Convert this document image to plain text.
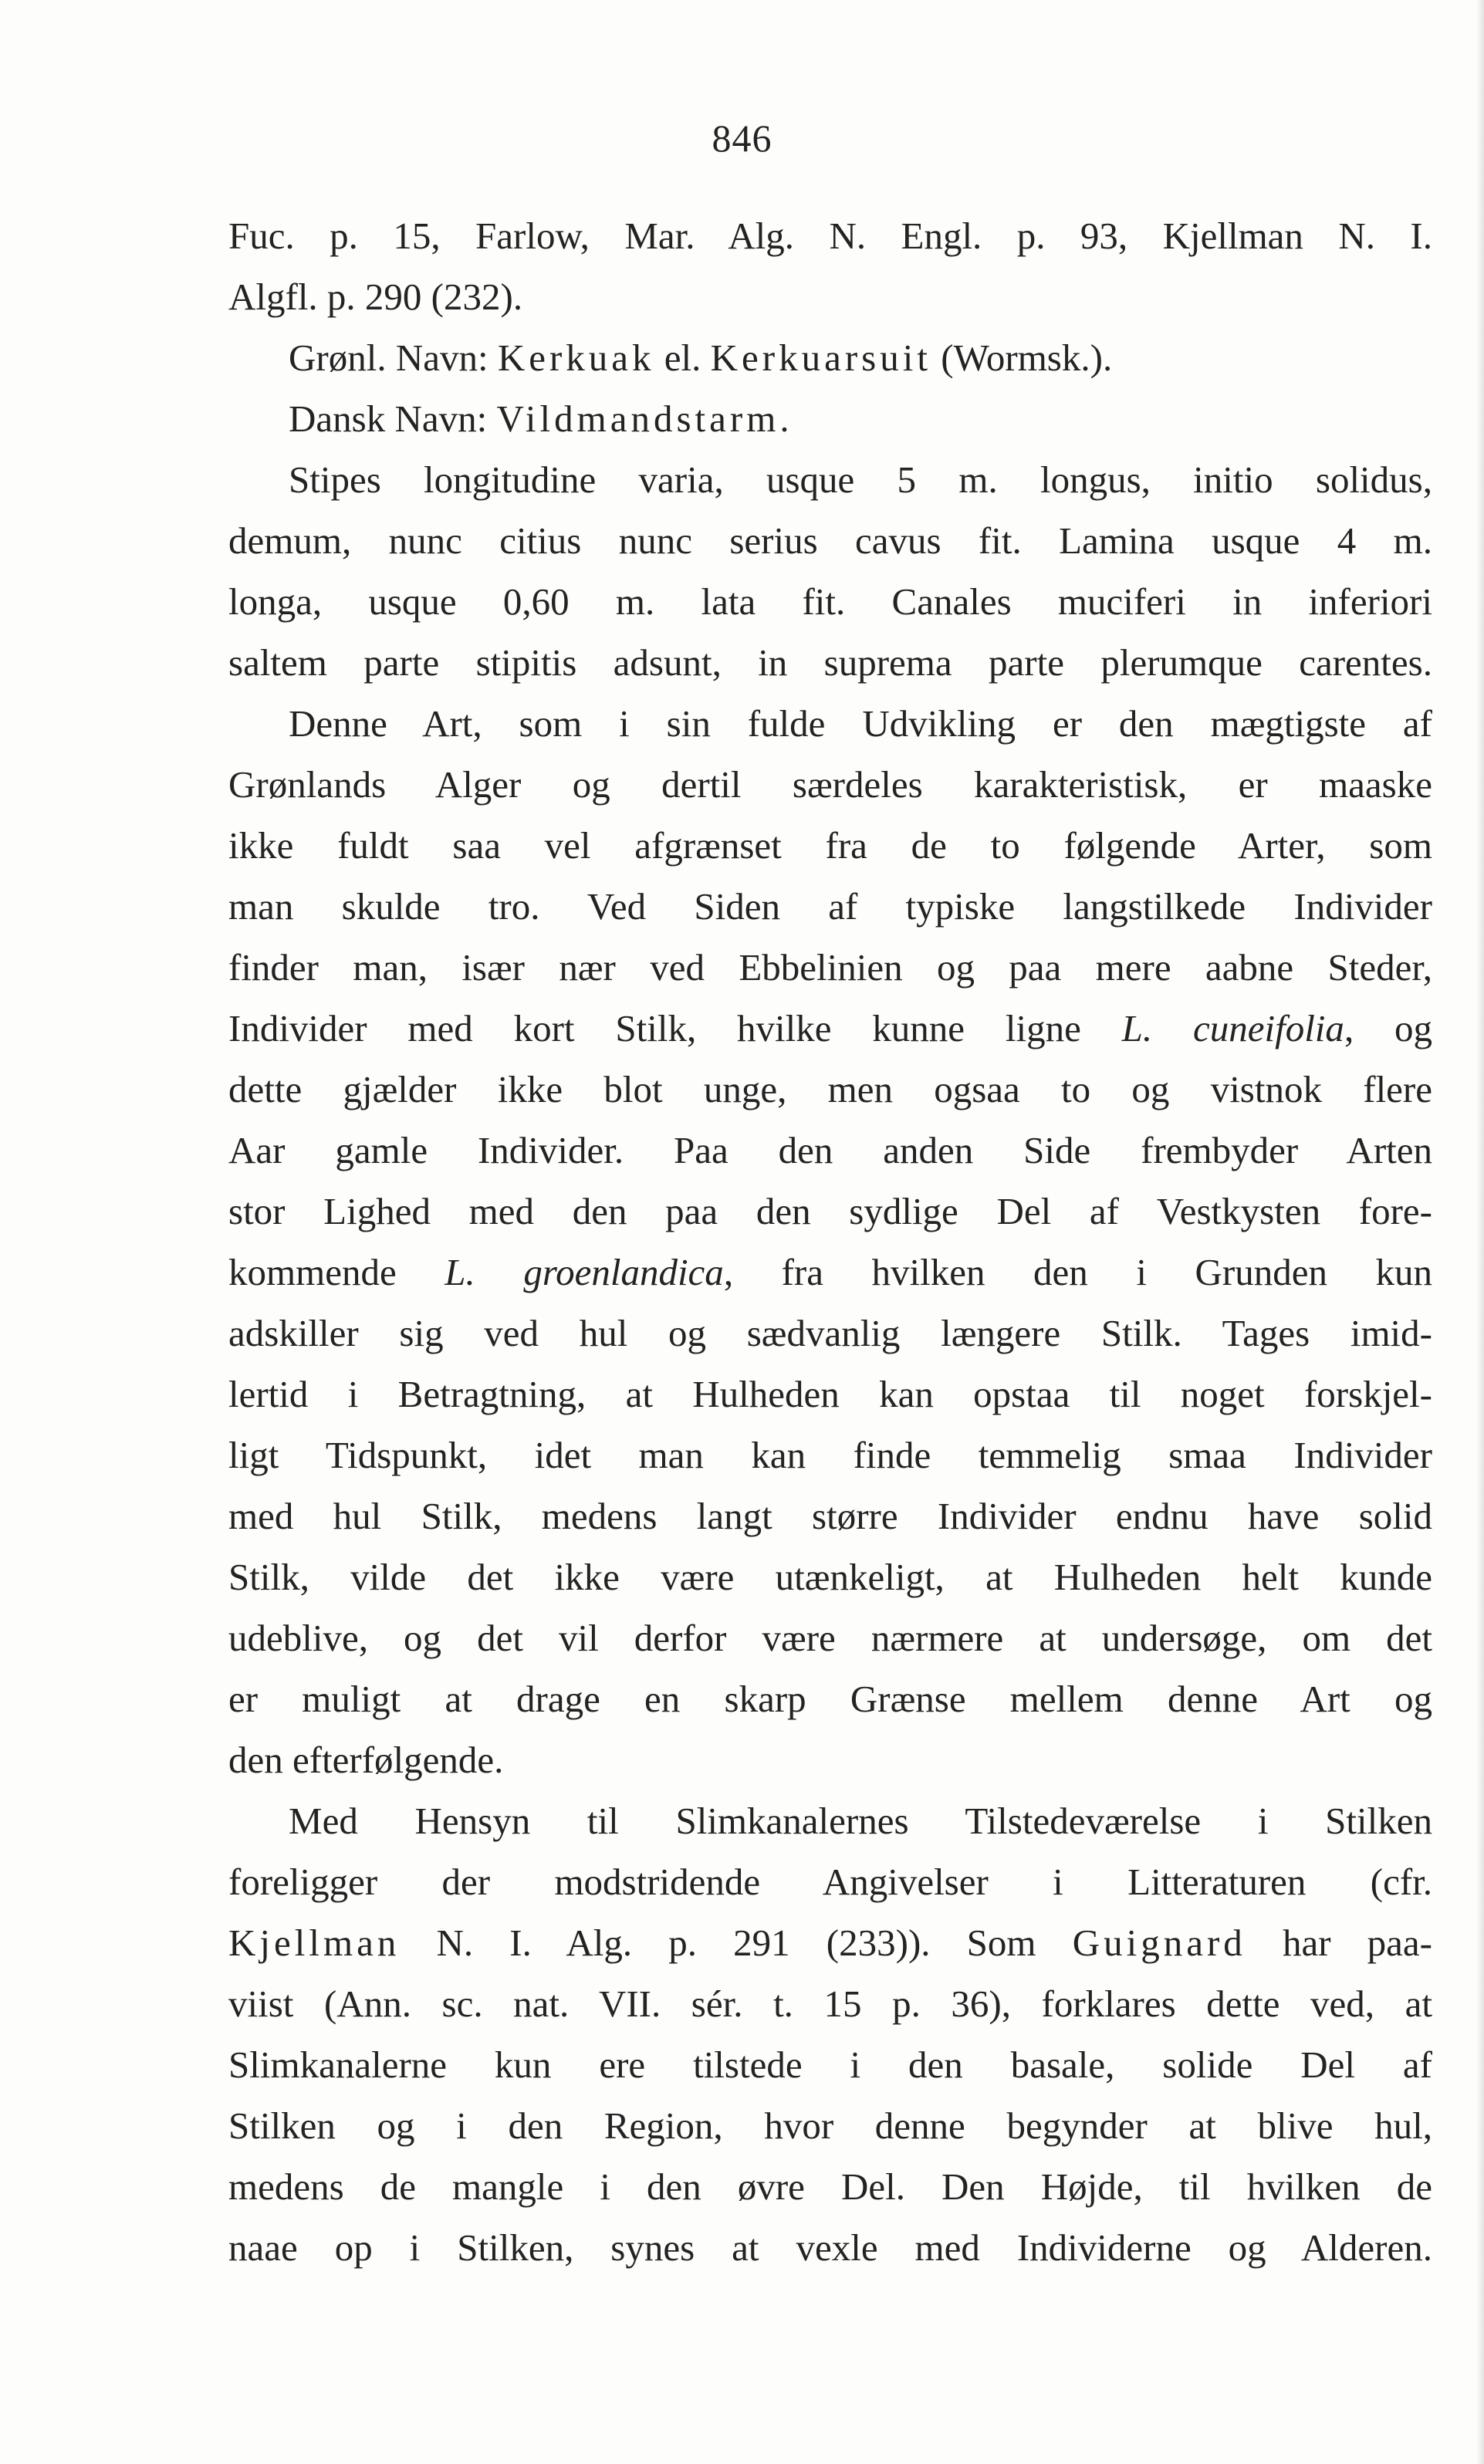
846
Fuc. p. 15, Farlow, Mar. Alg. N. Engl. p. 93, Kjellman N. I.
Algfl. p. 290 (232).
Grønl. Navn: Kerkuak el. Kerkuarsuit (Wormsk.).
Dansk Navn: Vildmandstarm.
Stipes longitudine varia, usque 5 m. longus, initio solidus,
demum, nunc citius nunc serius cavus fit. Lamina usque 4 m.
longa, usque 0,60 m. lata fit. Canales muciferi in inferiori
saltem parte stipitis adsunt, in suprema parte plerumque carentes.
Denne Art, som i sin fulde Udvikling er den mægtigste af
Grønlands Alger og dertil særdeles karakteristisk, er maaske
ikke fuldt saa vel afgrænset fra de to følgende Arter, som
man skulde tro. Ved Siden af typiske langstilkede Individer
finder man, især nær ved Ebbelinien og paa mere aabne Steder,
Individer med kort Stilk, hvilke kunne ligne L. cuneifolia, og
dette gjælder ikke blot unge, men ogsaa to og vistnok flere
Aar gamle Individer. Paa den anden Side frembyder Arten
stor Lighed med den paa den sydlige Del af Vestkysten fore-
kommende L. groenlandica, fra hvilken den i Grunden kun
adskiller sig ved hul og sædvanlig længere Stilk. Tages imid-
lertid i Betragtning, at Hulheden kan opstaa til noget forskjel-
ligt Tidspunkt, idet man kan finde temmelig smaa Individer
med hul Stilk, medens langt større Individer endnu have solid
Stilk, vilde det ikke være utænkeligt, at Hulheden helt kunde
udeblive, og det vil derfor være nærmere at undersøge, om det
er muligt at drage en skarp Grænse mellem denne Art og
den efterfølgende.
Med Hensyn til Slimkanalernes Tilstedeværelse i Stilken
foreligger der modstridende Angivelser i Litteraturen (cfr.
Kjellman N. I. Alg. p. 291 (233)). Som Guignard har paa-
viist (Ann. sc. nat. VII. sér. t. 15 p. 36), forklares dette ved, at
Slimkanalerne kun ere tilstede i den basale, solide Del af
Stilken og i den Region, hvor denne begynder at blive hul,
medens de mangle i den øvre Del. Den Højde, til hvilken de
naae op i Stilken, synes at vexle med Individerne og Alderen.
